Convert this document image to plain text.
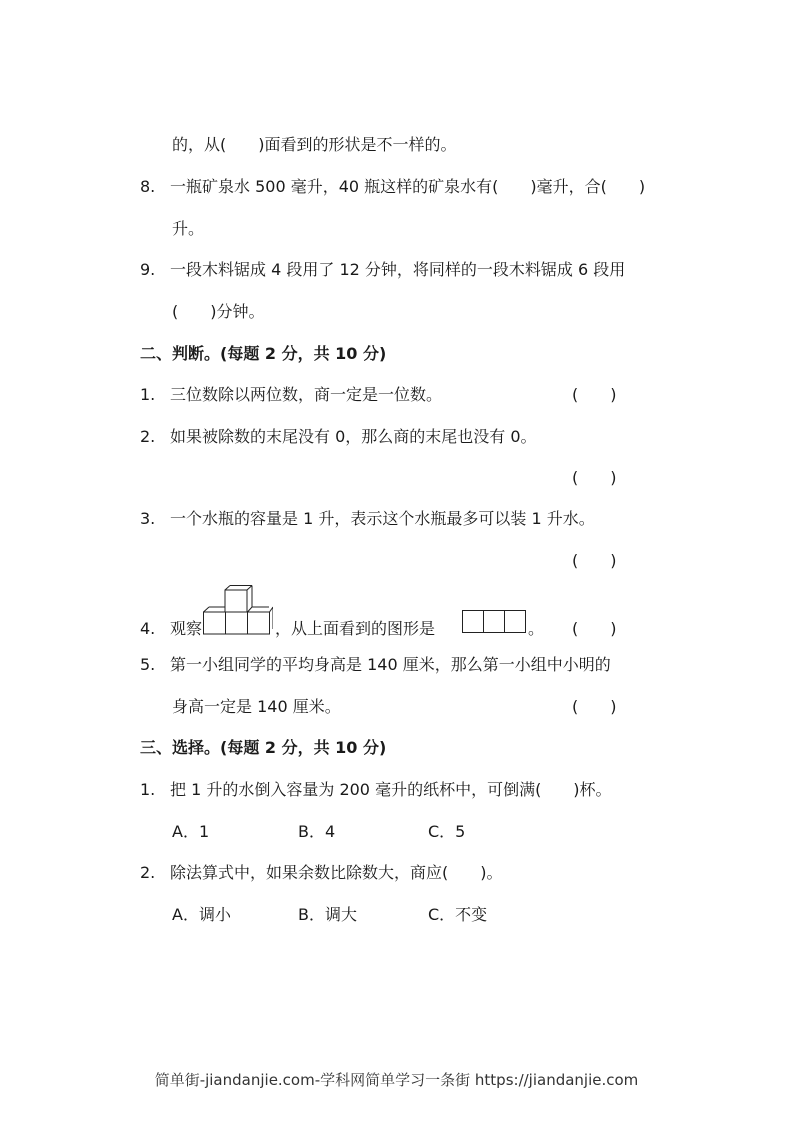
的，从(　　)面看到的形状是不一样的。
8. 一瓶矿泉水 500 毫升，40 瓶这样的矿泉水有(　　)毫升，合(　　)
升。
9. 一段木料锯成 4 段用了 12 分钟，将同样的一段木料锯成 6 段用
(　　)分钟。
二、判断。(每题 2 分，共 10 分)
1. 三位数除以两位数，商一定是一位数。	(　　)
2. 如果被除数的末尾没有 0，那么商的末尾也没有 0。
(　　)
3. 一个水瓶的容量是 1 升，表示这个水瓶最多可以装 1 升水。
(　　)
4. 观察	，从上面看到的图形是	。 (　　)
5. 第一小组同学的平均身高是 140 厘米，那么第一小组中小明的
身高一定是 140 厘米。	(　　)
三、选择。(每题 2 分，共 10 分)
1. 把 1 升的水倒入容量为 200 毫升的纸杯中，可倒满(　　)杯。
A．1	B．4	C．5
2. 除法算式中，如果余数比除数大，商应(　　)。
A．调小	B．调大	C．不变
简单街-jiandanjie.com-学科网简单学习一条街 https://jiandanjie.com
